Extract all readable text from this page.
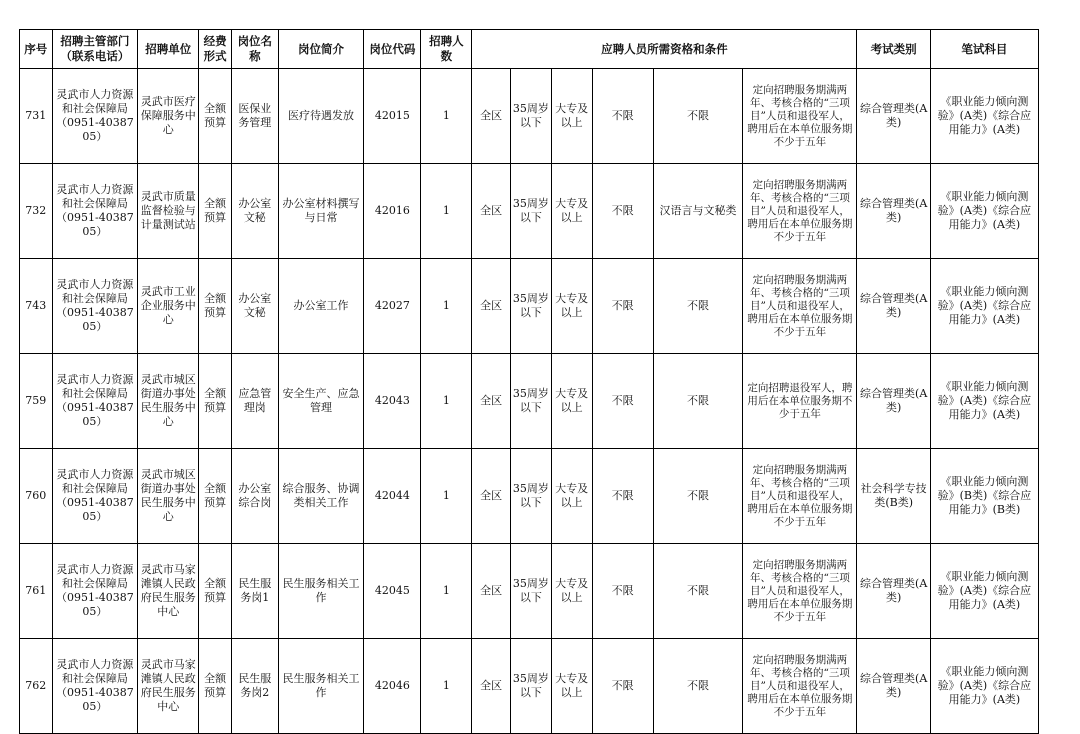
序号	招聘主管部门（联系电话）	招聘单位	经费形式	岗位名称	岗位简介	岗位代码	招聘人数	应聘人员所需资格和条件						考试类别	笔试科目
731	灵武市人力资源和社会保障局（0951-4038705）	灵武市医疗保障服务中心	全额预算	医保业务管理	医疗待遇发放	42015	1	全区	35周岁以下	大专及以上	不限	不限	定向招聘服务期满两年、考核合格的“三项目”人员和退役军人，聘用后在本单位服务期不少于五年	综合管理类(A类)	《职业能力倾向测验》(A类)《综合应用能力》(A类)
732	灵武市人力资源和社会保障局（0951-4038705）	灵武市质量监督检验与计量测试站	全额预算	办公室文秘	办公室材料撰写与日常	42016	1	全区	35周岁以下	大专及以上	不限	汉语言与文秘类	定向招聘服务期满两年、考核合格的“三项目”人员和退役军人，聘用后在本单位服务期不少于五年	综合管理类(A类)	《职业能力倾向测验》(A类)《综合应用能力》(A类)
743	灵武市人力资源和社会保障局（0951-4038705）	灵武市工业企业服务中心	全额预算	办公室文秘	办公室工作	42027	1	全区	35周岁以下	大专及以上	不限	不限	定向招聘服务期满两年、考核合格的“三项目”人员和退役军人，聘用后在本单位服务期不少于五年	综合管理类(A类)	《职业能力倾向测验》(A类)《综合应用能力》(A类)
759	灵武市人力资源和社会保障局（0951-4038705）	灵武市城区街道办事处民生服务中心	全额预算	应急管理岗	安全生产、应急管理	42043	1	全区	35周岁以下	大专及以上	不限	不限	定向招聘退役军人，聘用后在本单位服务期不少于五年	综合管理类(A类)	《职业能力倾向测验》(A类)《综合应用能力》(A类)
760	灵武市人力资源和社会保障局（0951-4038705）	灵武市城区街道办事处民生服务中心	全额预算	办公室综合岗	综合服务、协调类相关工作	42044	1	全区	35周岁以下	大专及以上	不限	不限	定向招聘服务期满两年、考核合格的“三项目”人员和退役军人，聘用后在本单位服务期不少于五年	社会科学专技类(B类)	《职业能力倾向测验》(B类)《综合应用能力》(B类)
761	灵武市人力资源和社会保障局（0951-4038705）	灵武市马家滩镇人民政府民生服务中心	全额预算	民生服务岗1	民生服务相关工作	42045	1	全区	35周岁以下	大专及以上	不限	不限	定向招聘服务期满两年、考核合格的“三项目”人员和退役军人，聘用后在本单位服务期不少于五年	综合管理类(A类)	《职业能力倾向测验》(A类)《综合应用能力》(A类)
762	灵武市人力资源和社会保障局（0951-4038705）	灵武市马家滩镇人民政府民生服务中心	全额预算	民生服务岗2	民生服务相关工作	42046	1	全区	35周岁以下	大专及以上	不限	不限	定向招聘服务期满两年、考核合格的“三项目”人员和退役军人，聘用后在本单位服务期不少于五年	综合管理类(A类)	《职业能力倾向测验》(A类)《综合应用能力》(A类)
